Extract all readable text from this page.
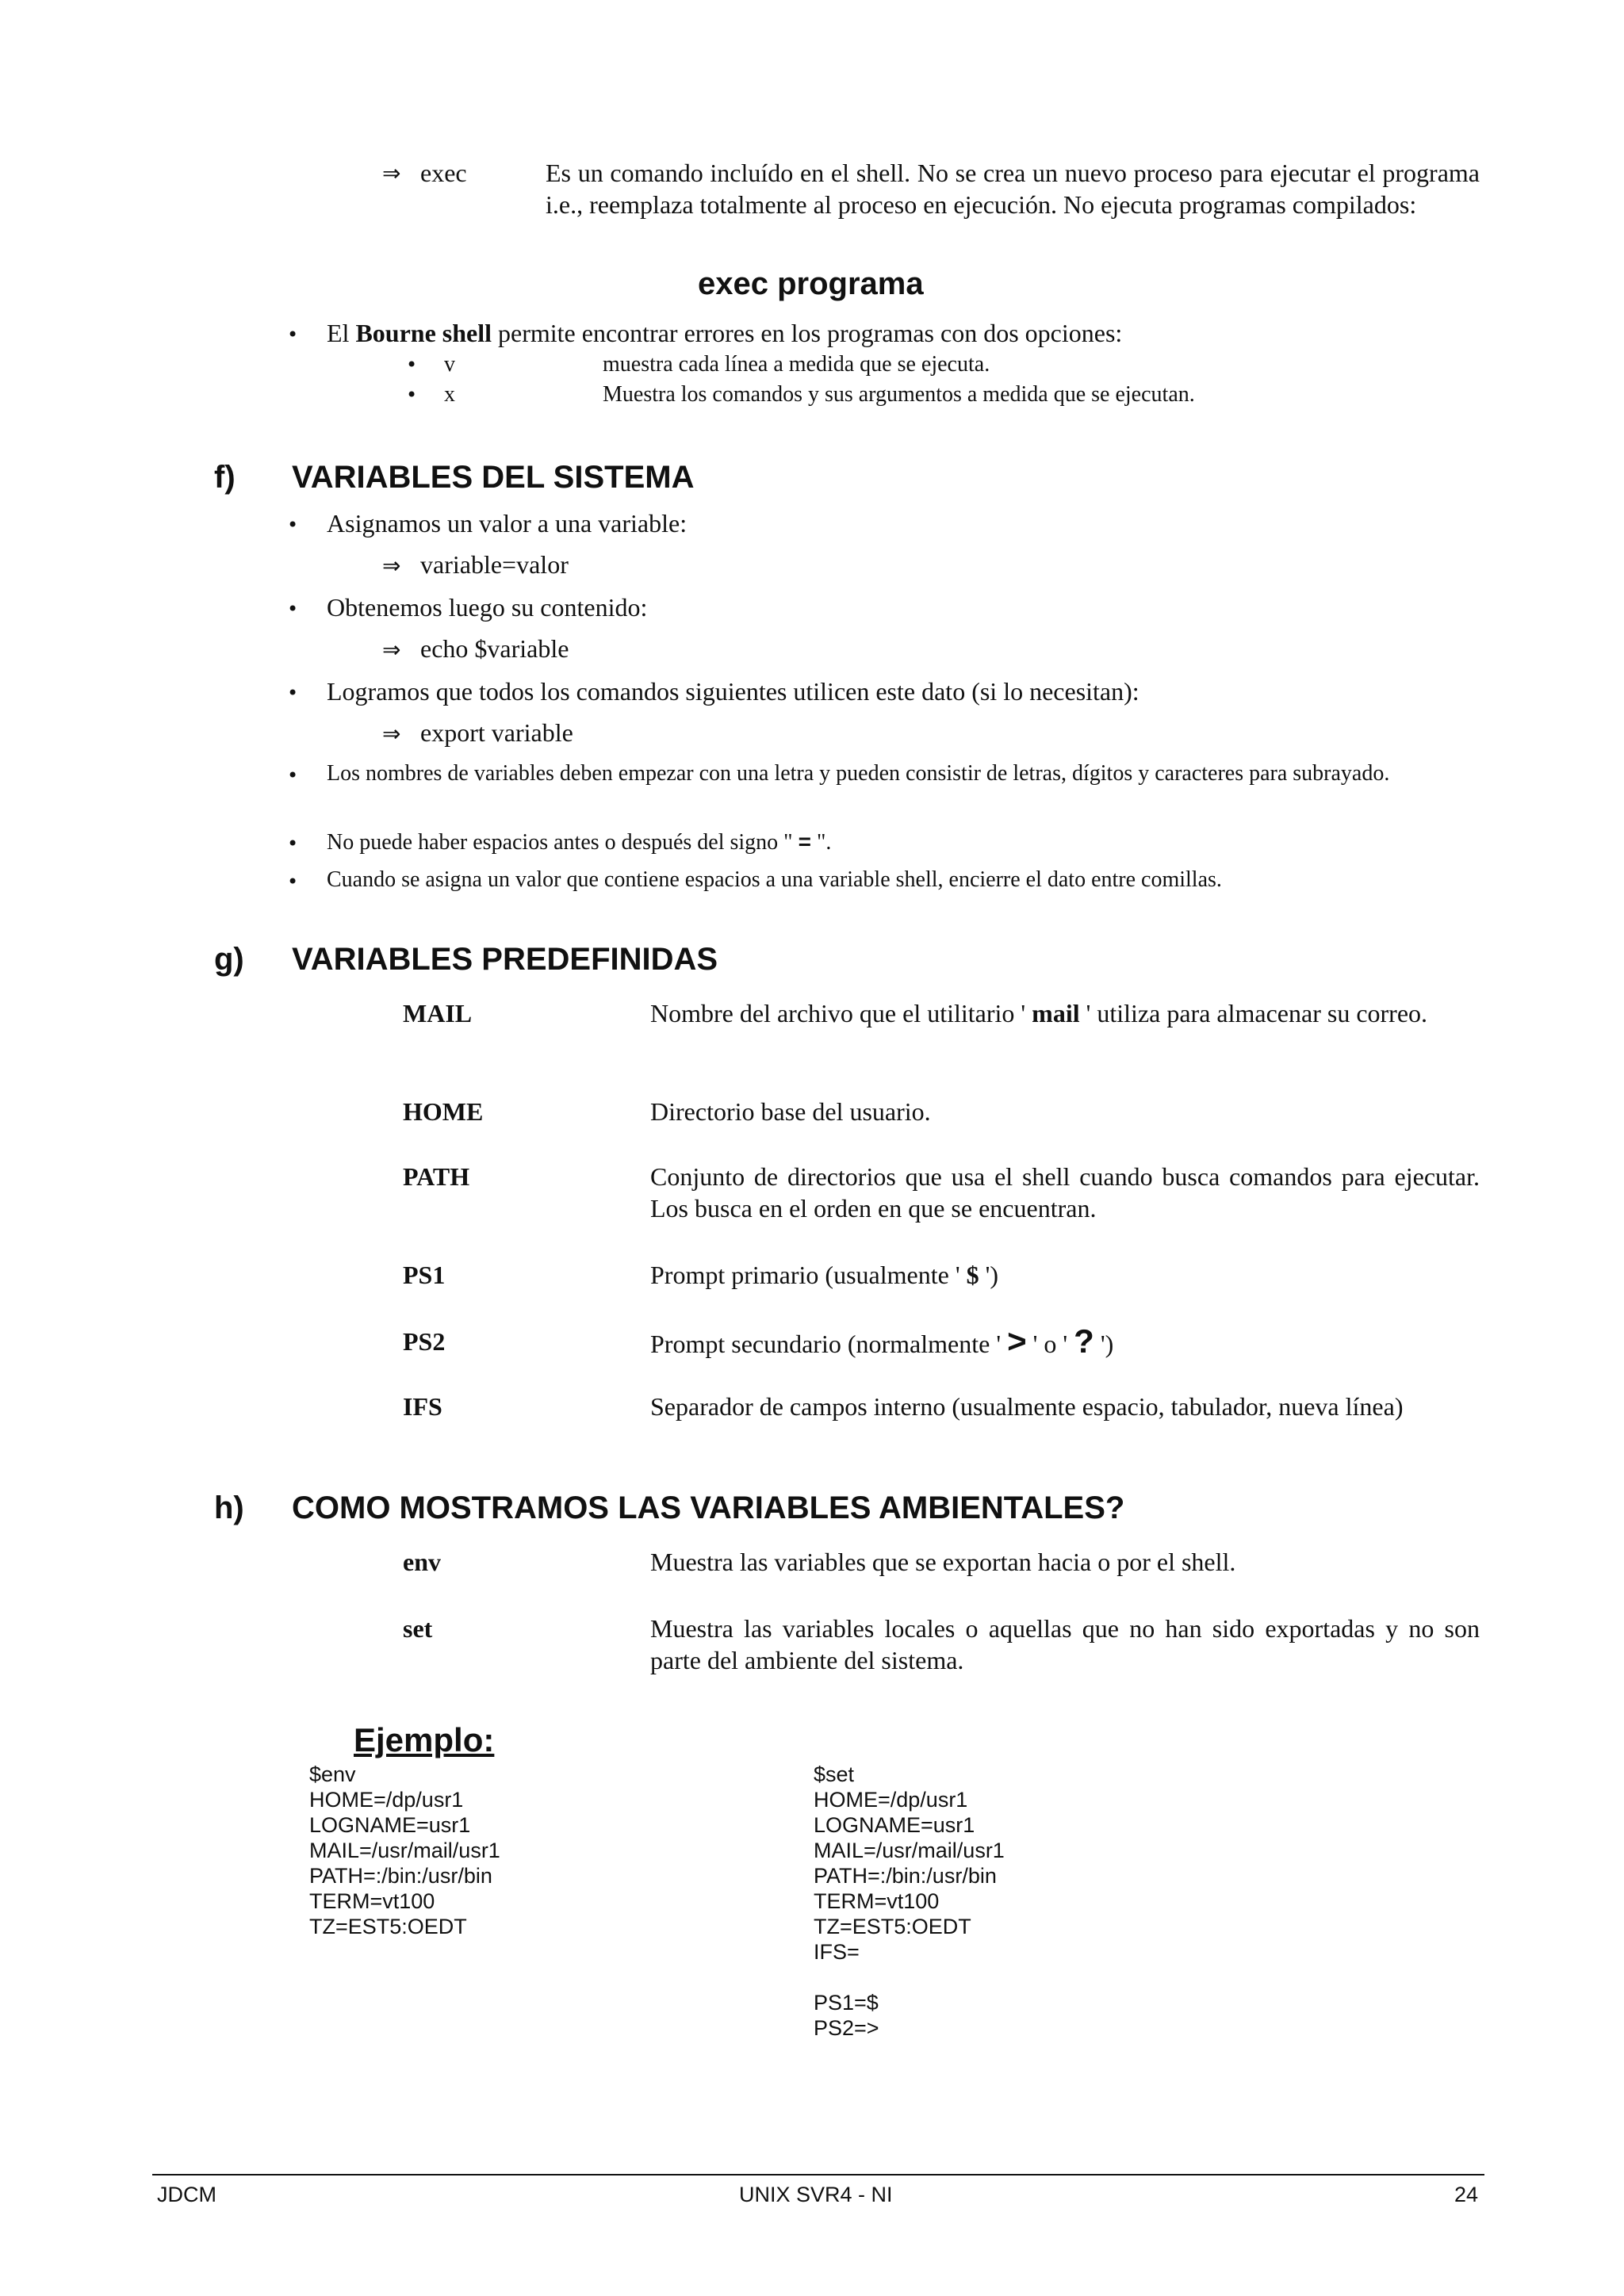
⇒ exec	Es un comando incluído en el shell. No se crea un nuevo proceso para ejecutar el programa i.e., reemplaza totalmente al proceso en ejecución. No ejecuta programas compilados:
exec programa
• El Bourne shell permite encontrar errores en los programas con dos opciones:
• v	muestra cada línea a medida que se ejecuta.
• x	Muestra los comandos y sus argumentos a medida que se ejecutan.
f) VARIABLES DEL SISTEMA
• Asignamos un valor a una variable:
⇒ variable=valor
• Obtenemos luego su contenido:
⇒ echo $variable
• Logramos que todos los comandos siguientes utilicen este dato (si lo necesitan):
⇒ export variable
• Los nombres de variables deben empezar con una letra y pueden consistir de letras, dígitos y caracteres para subrayado.
• No puede haber espacios antes o después del signo " = ".
• Cuando se asigna un valor que contiene espacios a una variable shell, encierre el dato entre comillas.
g) VARIABLES PREDEFINIDAS
MAIL	Nombre del archivo que el utilitario ' mail ' utiliza para almacenar su correo.
HOME	Directorio base del usuario.
PATH	Conjunto de directorios que usa el shell cuando busca comandos para ejecutar. Los busca en el orden en que se encuentran.
PS1	Prompt primario (usualmente ' $ ')
PS2	Prompt secundario (normalmente ' > ' o ' ? ')
IFS	Separador de campos interno (usualmente espacio, tabulador, nueva línea)
h) COMO MOSTRAMOS LAS VARIABLES AMBIENTALES?
env	Muestra las variables que se exportan hacia o por el shell.
set	Muestra las variables locales o aquellas que no han sido exportadas y no son parte del ambiente del sistema.
Ejemplo:
$env
HOME=/dp/usr1
LOGNAME=usr1
MAIL=/usr/mail/usr1
PATH=:/bin:/usr/bin
TERM=vt100
TZ=EST5:OEDT
$set
HOME=/dp/usr1
LOGNAME=usr1
MAIL=/usr/mail/usr1
PATH=:/bin:/usr/bin
TERM=vt100
TZ=EST5:OEDT
IFS=
PS1=$
PS2=>
JDCM	UNIX SVR4 - NI	24
